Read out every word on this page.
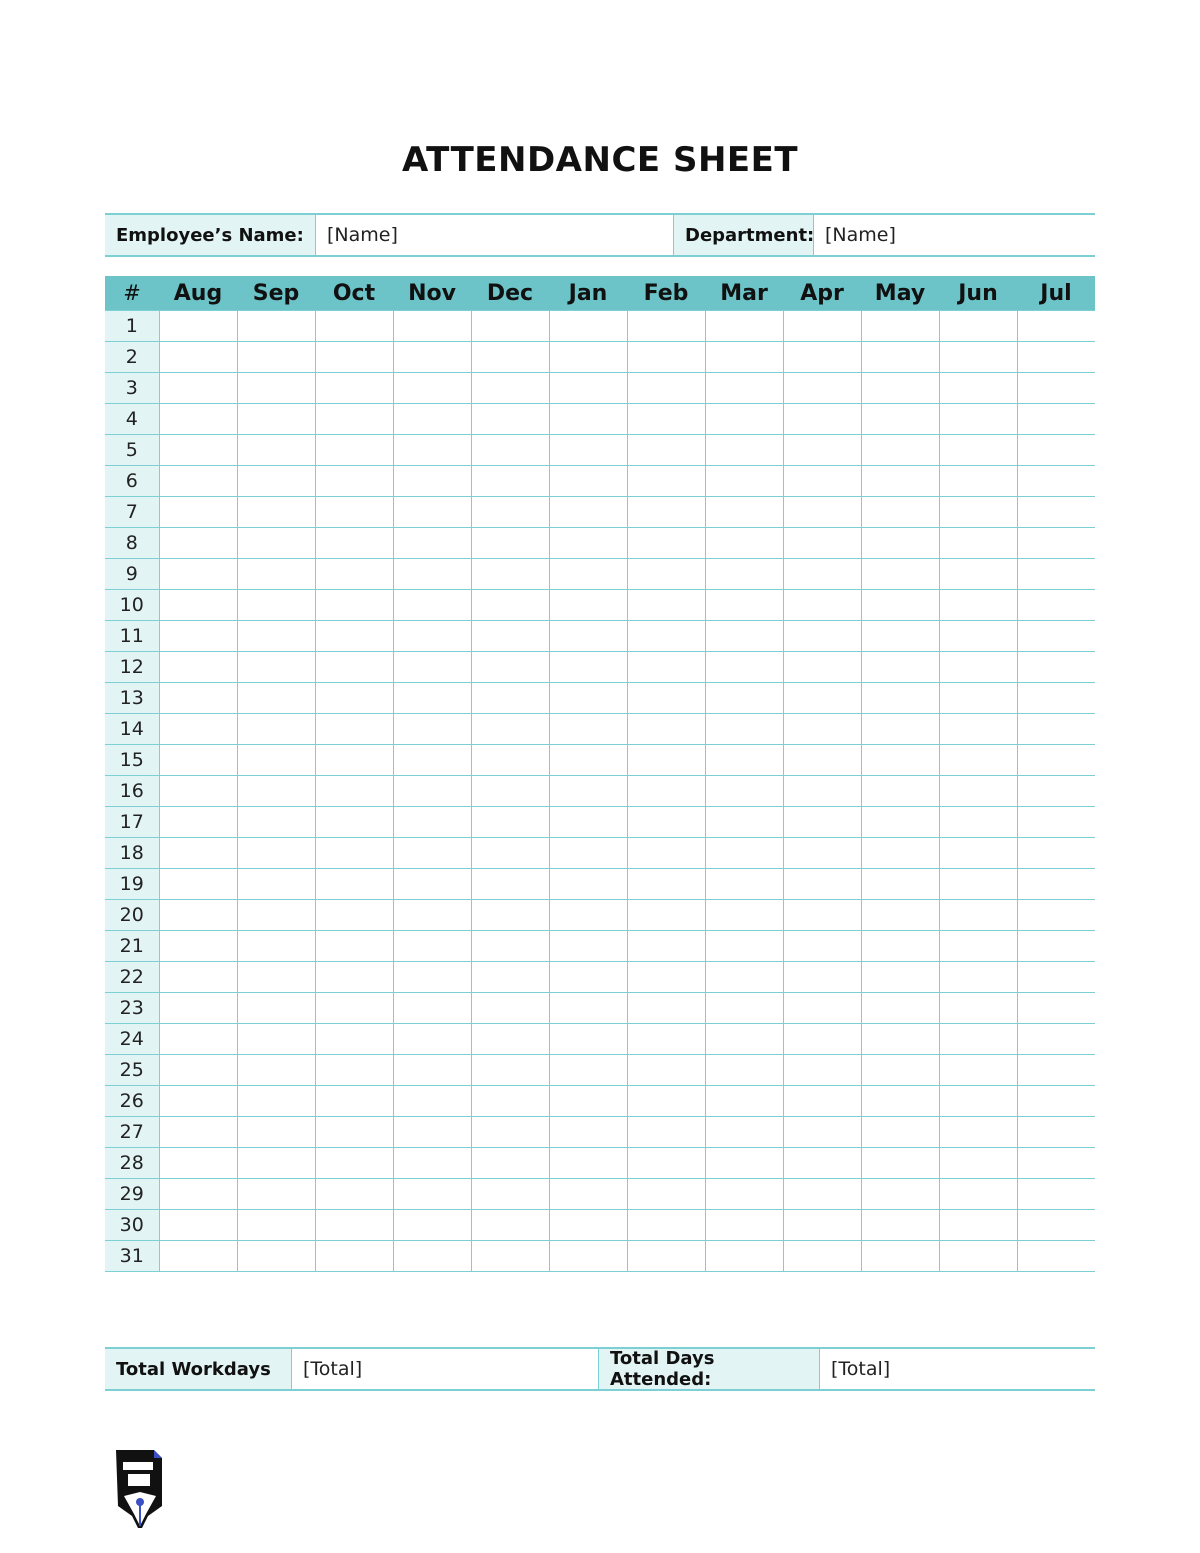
ATTENDANCE SHEET
Employee’s Name:	[Name]	Department: [Name]
#	Aug	Sep	Oct	Nov	Dec	Jan	Feb	Mar	Apr	May	Jun	Jul
1												
2												
3												
4												
5												
6												
7												
8												
9												
10												
11												
12												
13												
14												
15												
16												
17												
18												
19												
20												
21												
22												
23												
24												
25												
26												
27												
28												
29												
30												
31												
Total Workdays	[Total]	Total Days Attended:	[Total]
